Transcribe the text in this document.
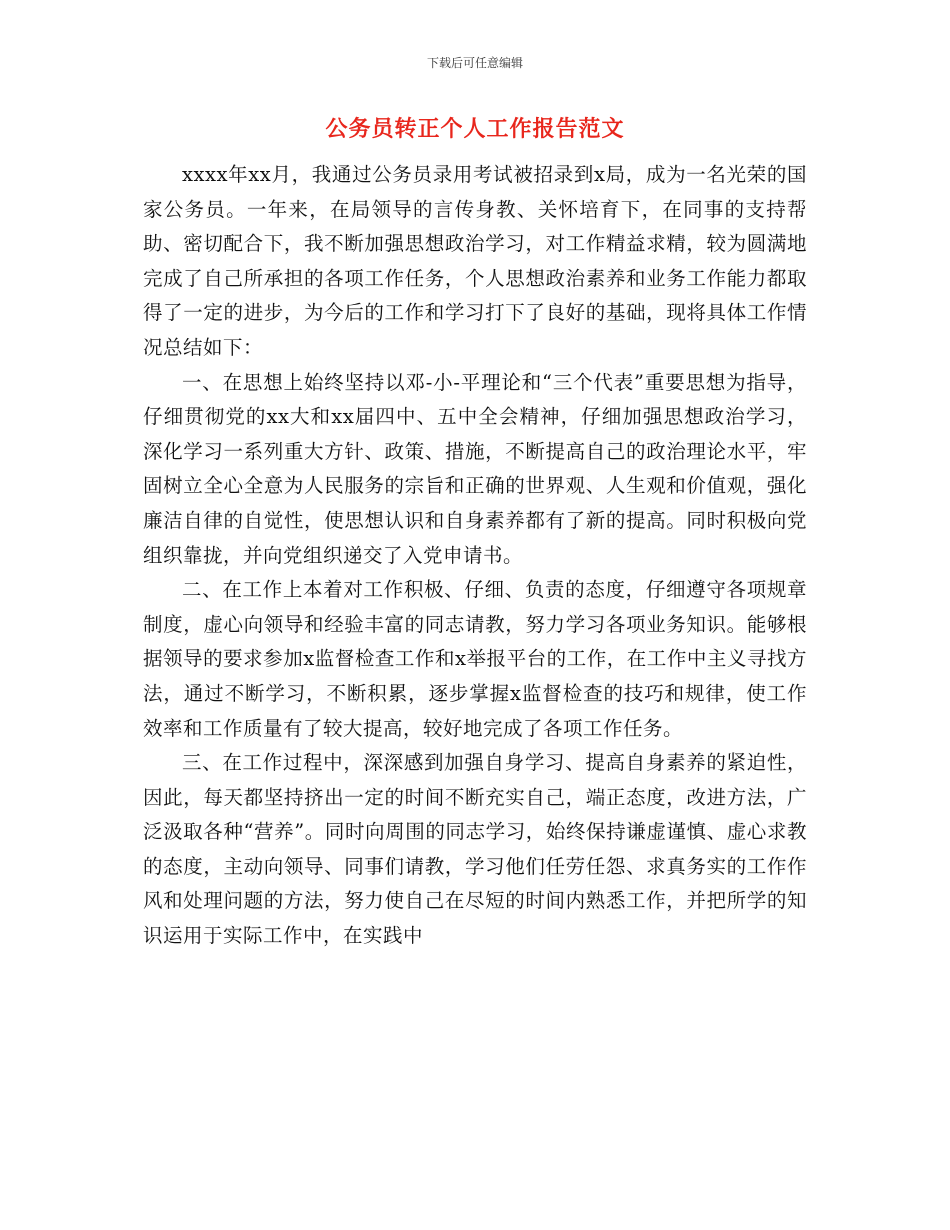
下载后可任意编辑
公务员转正个人工作报告范文

xxxx年xx月，我通过公务员录用考试被招录到x局，成为一名光荣的国家公务员。一年来，在局领导的言传身教、关怀培育下，在同事的支持帮助、密切配合下，我不断加强思想政治学习，对工作精益求精，较为圆满地完成了自己所承担的各项工作任务，个人思想政治素养和业务工作能力都取得了一定的进步，为今后的工作和学习打下了良好的基础，现将具体工作情况总结如下：

一、在思想上始终坚持以邓-小-平理论和“三个代表”重要思想为指导，仔细贯彻党的xx大和xx届四中、五中全会精神，仔细加强思想政治学习，深化学习一系列重大方针、政策、措施，不断提高自己的政治理论水平，牢固树立全心全意为人民服务的宗旨和正确的世界观、人生观和价值观，强化廉洁自律的自觉性，使思想认识和自身素养都有了新的提高。同时积极向党组织靠拢，并向党组织递交了入党申请书。

二、在工作上本着对工作积极、仔细、负责的态度，仔细遵守各项规章制度，虚心向领导和经验丰富的同志请教，努力学习各项业务知识。能够根据领导的要求参加x监督检查工作和x举报平台的工作，在工作中主义寻找方法，通过不断学习，不断积累，逐步掌握x监督检查的技巧和规律，使工作效率和工作质量有了较大提高，较好地完成了各项工作任务。

三、在工作过程中，深深感到加强自身学习、提高自身素养的紧迫性，因此，每天都坚持挤出一定的时间不断充实自己，端正态度，改进方法，广泛汲取各种“营养”。同时向周围的同志学习，始终保持谦虚谨慎、虚心求教的态度，主动向领导、同事们请教，学习他们任劳任怨、求真务实的工作作风和处理问题的方法，努力使自己在尽短的时间内熟悉工作，并把所学的知识运用于实际工作中，在实践中
